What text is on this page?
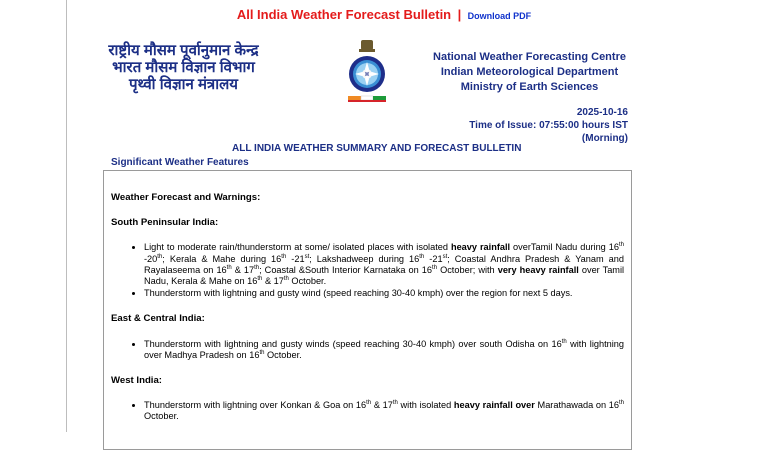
All India Weather Forecast Bulletin | Download PDF
राष्ट्रीय मौसम पूर्वानुमान केन्द्र
भारत मौसम विज्ञान विभाग
पृथ्वी विज्ञान मंत्रालय
National Weather Forecasting Centre
Indian Meteorological Department
Ministry of Earth Sciences
2025-10-16
Time of Issue: 07:55:00 hours IST
(Morning)
ALL INDIA WEATHER SUMMARY AND FORECAST BULLETIN
Significant Weather Features
Weather Forecast and Warnings:
South Peninsular India:
• Light to moderate rain/thunderstorm at some/ isolated places with isolated heavy rainfall overTamil Nadu during 16th -20th; Kerala & Mahe during 16th -21st; Lakshadweep during 16th -21st; Coastal Andhra Pradesh & Yanam and Rayalaseema on 16th & 17th; Coastal &South Interior Karnataka on 16th October; with very heavy rainfall over Tamil Nadu, Kerala & Mahe on 16th & 17th October.
• Thunderstorm with lightning and gusty wind (speed reaching 30-40 kmph) over the region for next 5 days.
East & Central India:
• Thunderstorm with lightning and gusty winds (speed reaching 30-40 kmph) over south Odisha on 16th with lightning over Madhya Pradesh on 16th October.
West India:
• Thunderstorm with lightning over Konkan & Goa on 16th & 17th with isolated heavy rainfall over Marathawada on 16th October.
